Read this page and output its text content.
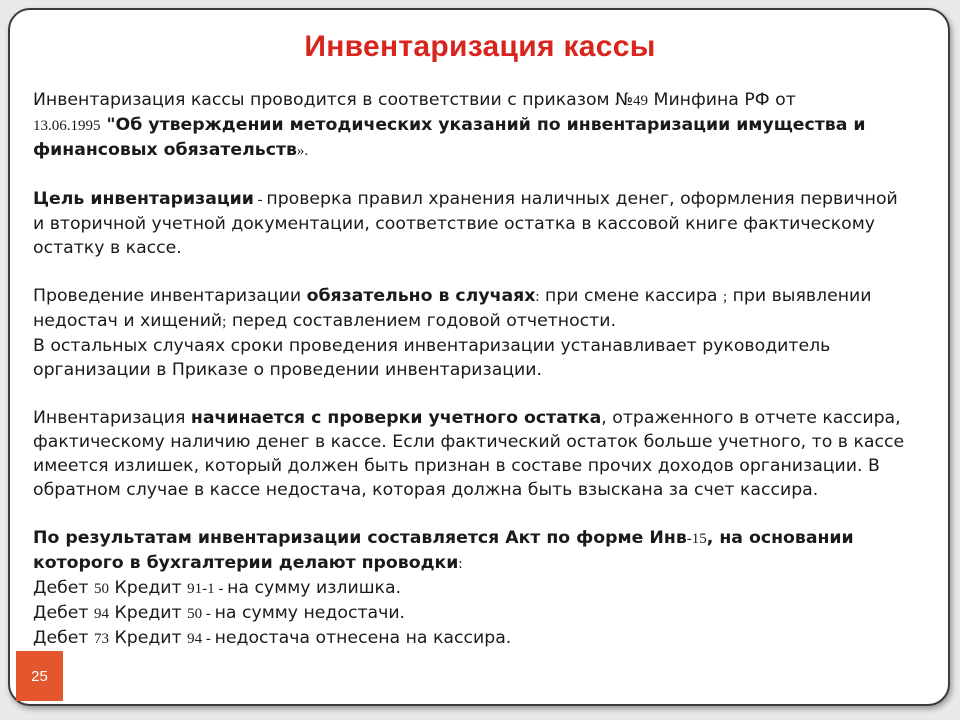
Инвентаризация кассы

Инвентаризация кассы проводится в соответствии с приказом №49 Минфина РФ от
13.06.1995 "Об утверждении методических указаний по инвентаризации имущества и финансовых обязательств».

Цель инвентаризации - проверка правил хранения наличных денег, оформления первичной и вторичной учетной документации, соответствие остатка в кассовой книге фактическому остатку в кассе.

Проведение инвентаризации обязательно в случаях: при смене кассира ; при выявлении недостач и хищений; перед составлением годовой отчетности.

В остальных случаях сроки проведения инвентаризации устанавливает руководитель организации в Приказе о проведении инвентаризации.

Инвентаризация начинается с проверки учетного остатка, отраженного в отчете кассира, фактическому наличию денег в кассе. Если фактический остаток больше учетного, то в кассе имеется излишек, который должен быть признан в составе прочих доходов организации. В обратном случае в кассе недостача, которая должна быть взыскана за счет кассира.

По результатам инвентаризации составляется Акт по форме Инв-15, на основании которого в бухгалтерии делают проводки:

Дебет 50 Кредит 91-1 - на сумму излишка.
Дебет 94 Кредит 50 - на сумму недостачи.
Дебет 73 Кредит 94 - недостача отнесена на кассира.
25
